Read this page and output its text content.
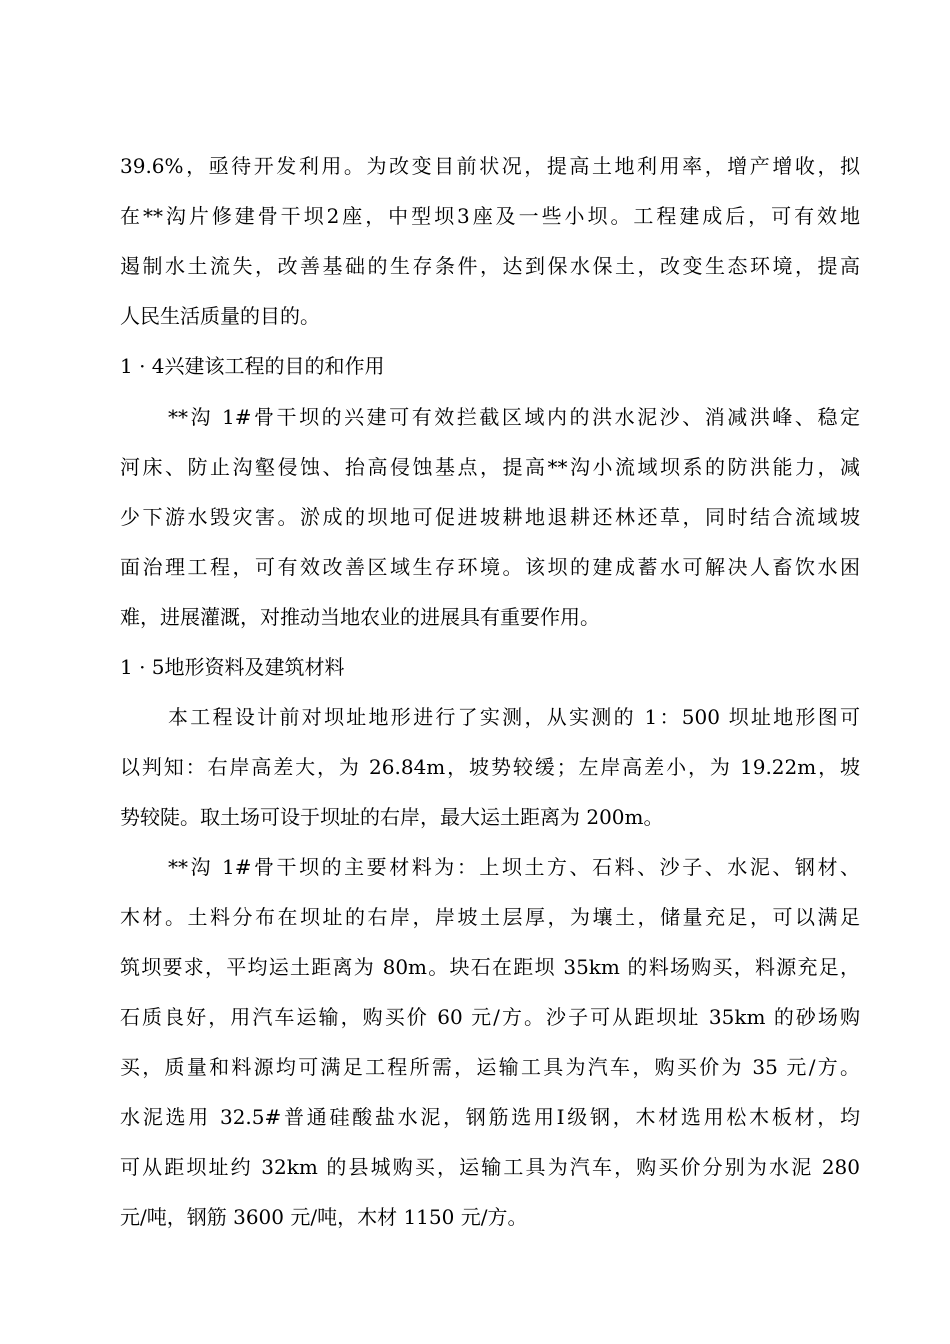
39.6%，亟待开发利用。为改变目前状况，提高土地利用率，增产增收，拟
在**沟片修建骨干坝2座，中型坝3座及一些小坝。工程建成后，可有效地
遏制水土流失，改善基础的生存条件，达到保水保土，改变生态环境，提高
人民生活质量的目的。
1 · 4兴建该工程的目的和作用
**沟 1#骨干坝的兴建可有效拦截区域内的洪水泥沙、消减洪峰、稳定
河床、防止沟壑侵蚀、抬高侵蚀基点，提高**沟小流域坝系的防洪能力，减
少下游水毁灾害。淤成的坝地可促进坡耕地退耕还林还草，同时结合流域坡
面治理工程，可有效改善区域生存环境。该坝的建成蓄水可解决人畜饮水困
难，进展灌溉，对推动当地农业的进展具有重要作用。
1 · 5地形资料及建筑材料
本工程设计前对坝址地形进行了实测，从实测的 1：500 坝址地形图可
以判知：右岸高差大，为 26.84m，坡势较缓；左岸高差小，为 19.22m，坡
势较陡。取土场可设于坝址的右岸，最大运土距离为 200m。
**沟 1#骨干坝的主要材料为：上坝土方、石料、沙子、水泥、钢材、
木材。土料分布在坝址的右岸，岸坡土层厚，为壤土，储量充足，可以满足
筑坝要求，平均运土距离为 80m。块石在距坝 35km 的料场购买，料源充足，
石质良好，用汽车运输，购买价 60 元/方。沙子可从距坝址 35km 的砂场购
买，质量和料源均可满足工程所需，运输工具为汽车，购买价为 35 元/方。
水泥选用 32.5#普通硅酸盐水泥，钢筋选用Ⅰ级钢，木材选用松木板材，均
可从距坝址约 32km 的县城购买，运输工具为汽车，购买价分别为水泥 280
元/吨，钢筋 3600 元/吨，木材 1150 元/方。
